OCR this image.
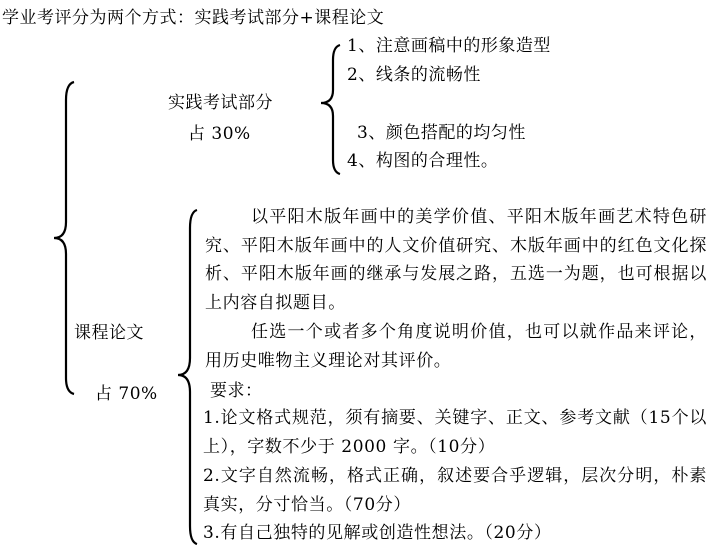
学业考评分为两个方式：实践考试部分+课程论文
实践考试部分
占 30%
1、注意画稿中的形象造型
2、线条的流畅性
3、颜色搭配的均匀性
4、构图的合理性。
课程论文
占 70%
以平阳木版年画中的美学价值、平阳木版年画艺术特色研究、平阳木版年画中的人文价值研究、木版年画中的红色文化探析、平阳木版年画的继承与发展之路，五选一为题，也可根据以上内容自拟题目。
任选一个或者多个角度说明价值，也可以就作品来评论，用历史唯物主义理论对其评价。
要求：
1.论文格式规范，须有摘要、关键字、正文、参考文献（15个以上），字数不少于 2000 字。（10分）
2.文字自然流畅，格式正确，叙述要合乎逻辑，层次分明，朴素真实，分寸恰当。（70分）
3.有自己独特的见解或创造性想法。（20分）
